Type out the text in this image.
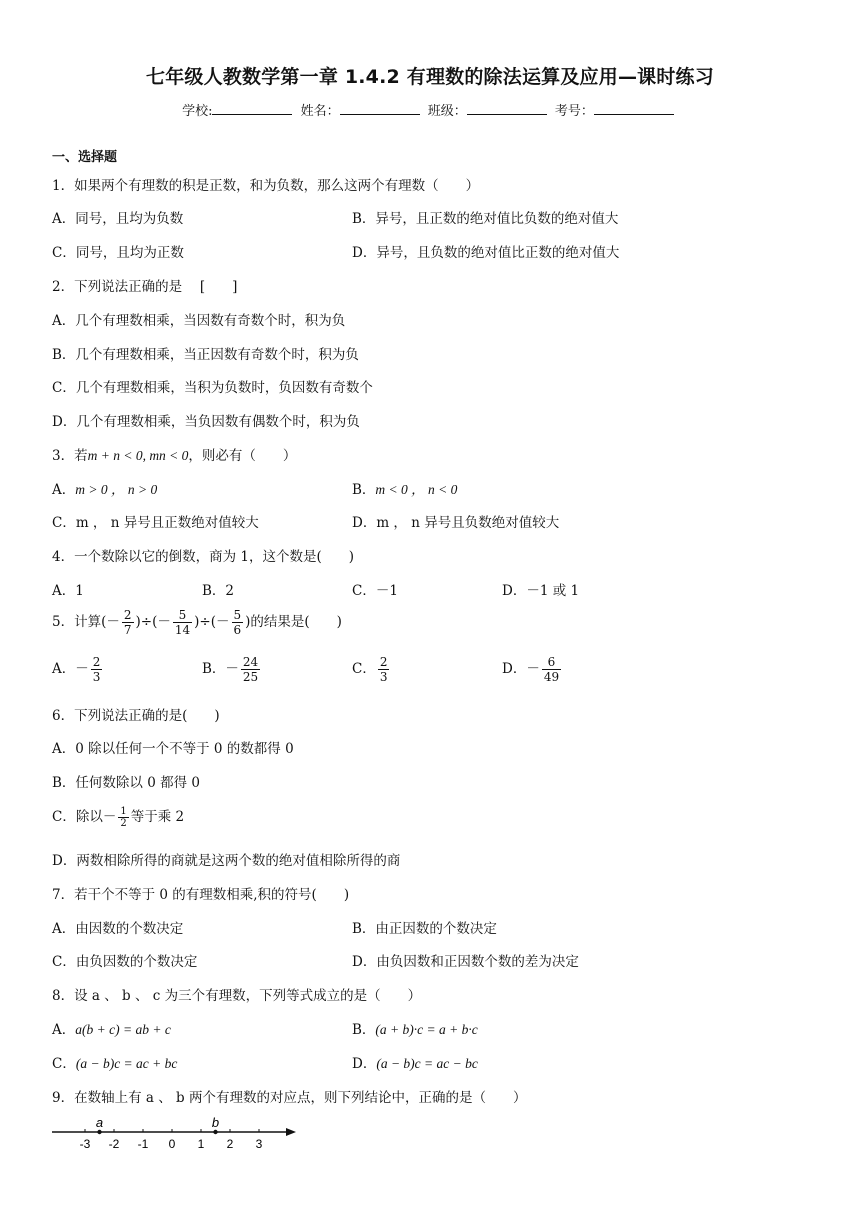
七年级人教数学第一章 1.4.2 有理数的除法运算及应用—课时练习
学校:	姓名：	班级：	考号：
一、选择题
1．如果两个有理数的积是正数，和为负数，那么这两个有理数（　　）
A．同号，且均为负数	B．异号，且正数的绝对值比负数的绝对值大
C．同号，且均为正数	D．异号，且负数的绝对值比正数的绝对值大
2．下列说法正确的是　 [　　]
A．几个有理数相乘，当因数有奇数个时，积为负
B．几个有理数相乘，当正因数有奇数个时，积为负
C．几个有理数相乘，当积为负数时，负因数有奇数个
D．几个有理数相乘，当负因数有偶数个时，积为负
3．若m + n < 0, mn < 0，则必有（　　）
A．m > 0 ， n > 0	B．m < 0 ， n < 0
C．m ， n 异号且正数绝对值较大	D．m ， n 异号且负数绝对值较大
4．一个数除以它的倒数，商为 1，这个数是(　　)
A．1	B．2	C．－1	D．－1 或 1
5．计算(－ $\frac{2}{7}$ )÷(－ $\frac{5}{14}$ )÷(－ $\frac{5}{6}$ )的结果是(　　)
A．－ $\frac{2}{3}$	B．－ $\frac{24}{25}$	C． $\frac{2}{3}$	D．－ $\frac{6}{49}$
6．下列说法正确的是(　　)
A．0 除以任何一个不等于 0 的数都得 0
B．任何数除以 0 都得 0
C．除以－ $\frac{1}{2}$ 等于乘 2
D．两数相除所得的商就是这两个数的绝对值相除所得的商
7．若干个不等于 0 的有理数相乘,积的符号(　　)
A．由因数的个数决定	B．由正因数的个数决定
C．由负因数的个数决定	D．由负因数和正因数个数的差为决定
8．设 a 、 b 、 c 为三个有理数，下列等式成立的是（　　）
A．a(b + c) = ab + c	B．(a + b)·c = a + b·c
C．(a − b)c = ac + bc	D．(a − b)c = ac − bc
9．在数轴上有 a 、 b 两个有理数的对应点，则下列结论中，正确的是（　　）
-3 -2 -1 0 1 2 3
a	b
